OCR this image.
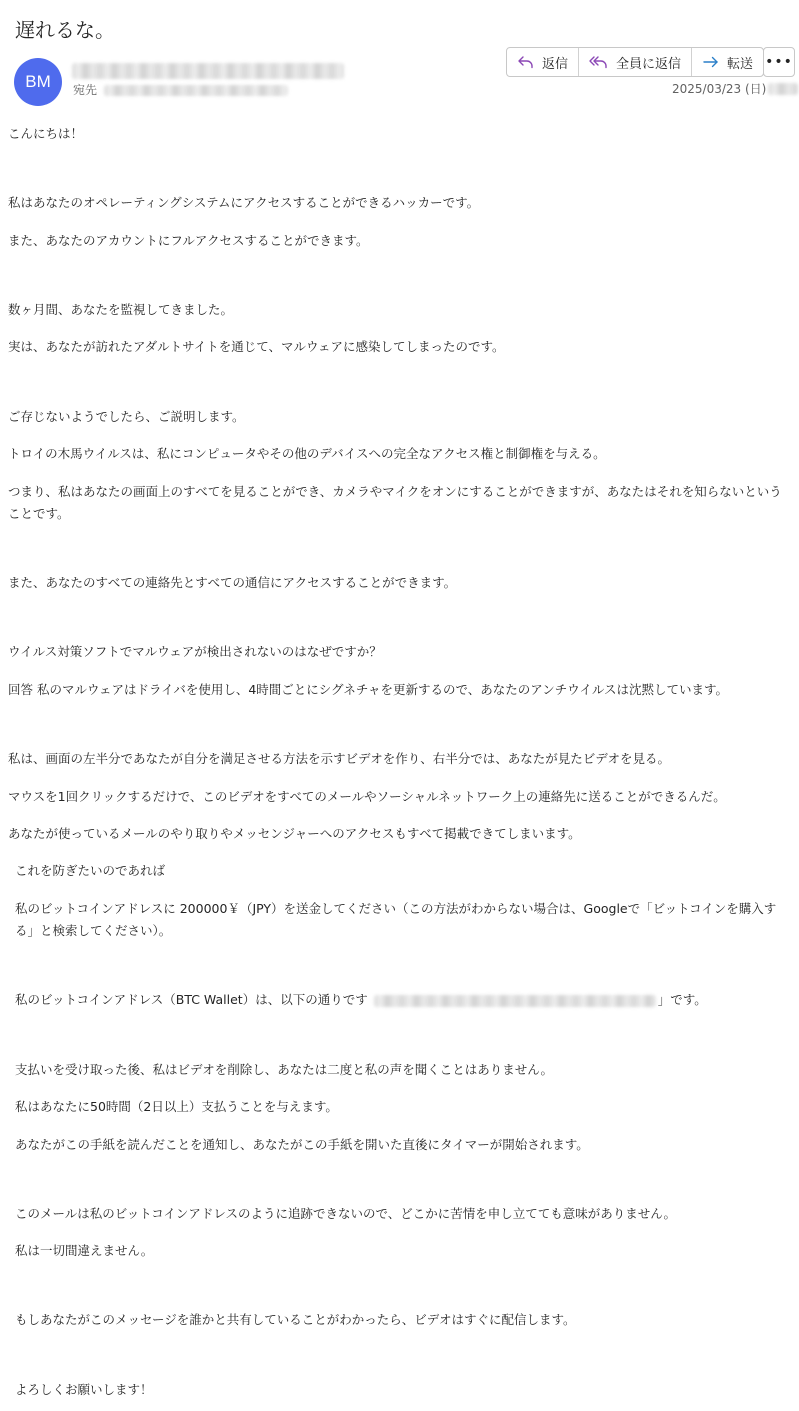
遅れるな。
BM	宛先
返信	全員に返信	転送 •••
2025/03/23 (日)

こんにちは！

私はあなたのオペレーティングシステムにアクセスすることができるハッカーです。

また、あなたのアカウントにフルアクセスすることができます。

数ヶ月間、あなたを監視してきました。

実は、あなたが訪れたアダルトサイトを通じて、マルウェアに感染してしまったのです。

ご存じないようでしたら、ご説明します。

トロイの木馬ウイルスは、私にコンピュータやその他のデバイスへの完全なアクセス権と制御権を与える。

つまり、私はあなたの画面上のすべてを見ることができ、カメラやマイクをオンにすることができますが、あなたはそれを知らないということです。

また、あなたのすべての連絡先とすべての通信にアクセスすることができます。

ウイルス対策ソフトでマルウェアが検出されないのはなぜですか？

回答 私のマルウェアはドライバを使用し、4時間ごとにシグネチャを更新するので、あなたのアンチウイルスは沈黙しています。

私は、画面の左半分であなたが自分を満足させる方法を示すビデオを作り、右半分では、あなたが見たビデオを見る。

マウスを1回クリックするだけで、このビデオをすべてのメールやソーシャルネットワーク上の連絡先に送ることができるんだ。

あなたが使っているメールのやり取りやメッセンジャーへのアクセスもすべて掲載できてしまいます。

これを防ぎたいのであれば

私のビットコインアドレスに 200000￥（JPY）を送金してください（この方法がわからない場合は、Googleで「ビットコインを購入する」と検索してください）。

私のビットコインアドレス（BTC Wallet）は、以下の通りです	」です。

支払いを受け取った後、私はビデオを削除し、あなたは二度と私の声を聞くことはありません。

私はあなたに50時間（2日以上）支払うことを与えます。

あなたがこの手紙を読んだことを通知し、あなたがこの手紙を開いた直後にタイマーが開始されます。

このメールは私のビットコインアドレスのように追跡できないので、どこかに苦情を申し立てても意味がありません。

私は一切間違えません。

もしあなたがこのメッセージを誰かと共有していることがわかったら、ビデオはすぐに配信します。

よろしくお願いします！
